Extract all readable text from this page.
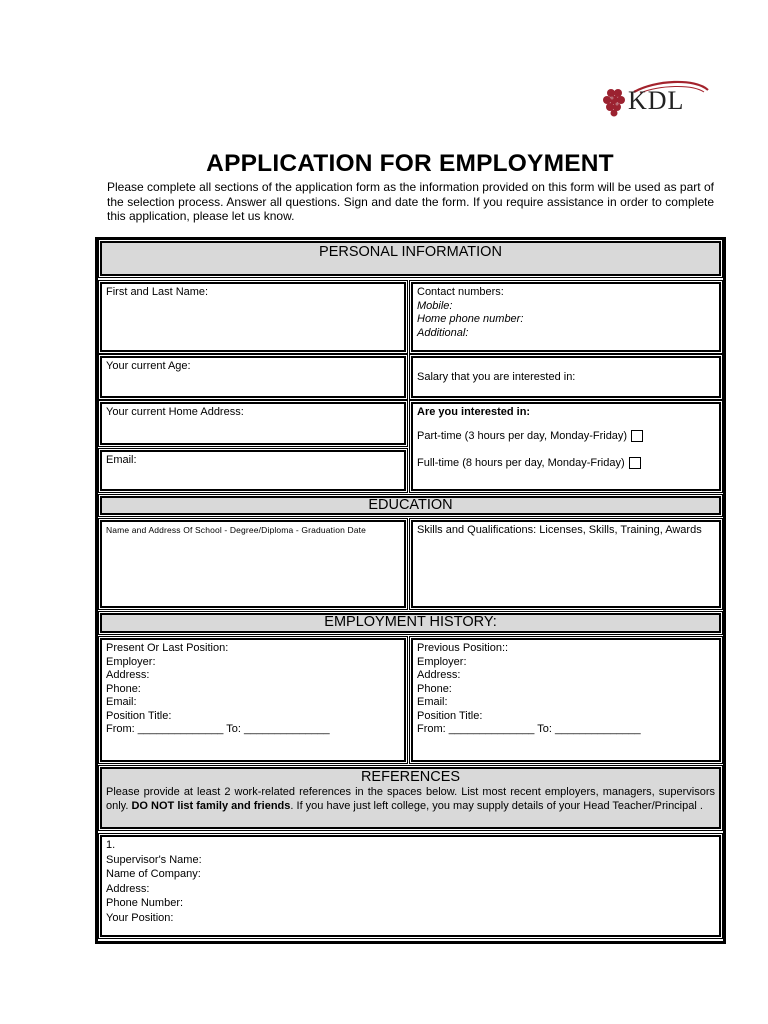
KDL
APPLICATION FOR EMPLOYMENT
Please complete all sections of the application form as the information provided on this form will be used as part of the selection process. Answer all questions. Sign and date the form. If you require assistance in order to complete this application, please let us know.
PERSONAL INFORMATION
First and Last Name:	Contact numbers:
Mobile:
Home phone number:
Additional:
Your current Age:
Salary that you are interested in:
Your current Home Address:
Email:
Are you interested in:
Part-time (3 hours per day, Monday-Friday)
Full-time (8 hours per day, Monday-Friday)
EDUCATION
Name and Address Of School - Degree/Diploma - Graduation Date	Skills and Qualifications: Licenses, Skills, Training, Awards
EMPLOYMENT HISTORY:
Present Or Last Position:
Employer:
Address:
Phone:
Email:
Position Title:
From: ______________ To: ______________
Previous Position::
Employer:
Address:
Phone:
Email:
Position Title:
From: ______________ To: ______________
REFERENCES
Please provide at least 2 work-related references in the spaces below. List most recent employers, managers, supervisors only. DO NOT list family and friends. If you have just left college, you may supply details of your Head Teacher/Principal .
1.
Supervisor's Name:
Name of Company:
Address:
Phone Number:
Your Position:
